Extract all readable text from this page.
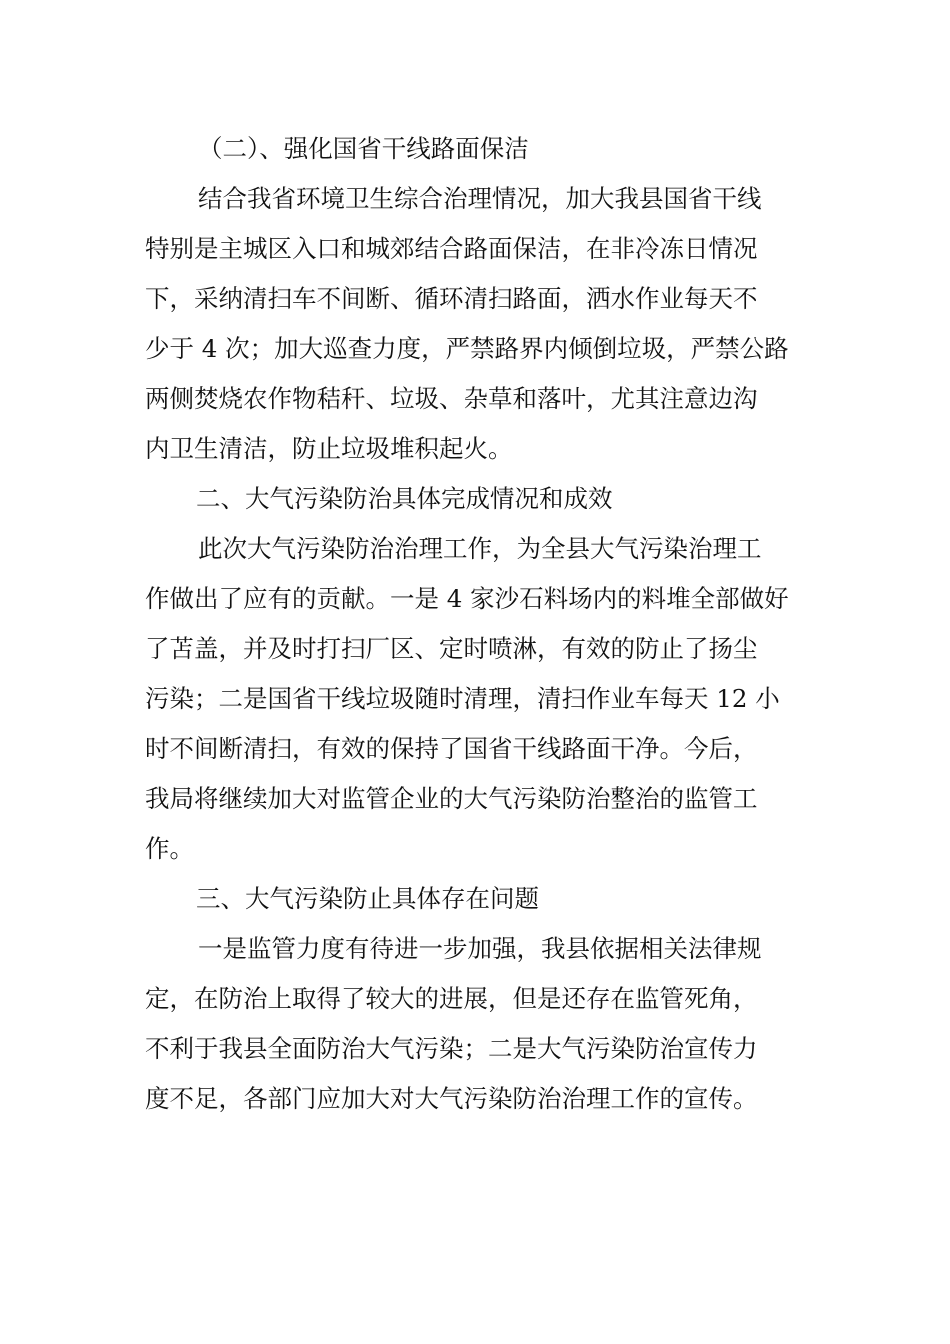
（二）、强化国省干线路面保洁
结合我省环境卫生综合治理情况，加大我县国省干线
特别是主城区入口和城郊结合路面保洁，在非冷冻日情况
下，采纳清扫车不间断、循环清扫路面，洒水作业每天不
少于 4 次；加大巡查力度，严禁路界内倾倒垃圾，严禁公路
两侧焚烧农作物秸秆、垃圾、杂草和落叶，尤其注意边沟
内卫生清洁，防止垃圾堆积起火。
二、大气污染防治具体完成情况和成效
此次大气污染防治治理工作，为全县大气污染治理工
作做出了应有的贡献。一是 4 家沙石料场内的料堆全部做好
了苫盖，并及时打扫厂区、定时喷淋，有效的防止了扬尘
污染；二是国省干线垃圾随时清理，清扫作业车每天 12 小
时不间断清扫，有效的保持了国省干线路面干净。今后，
我局将继续加大对监管企业的大气污染防治整治的监管工
作。
三、大气污染防止具体存在问题
一是监管力度有待进一步加强，我县依据相关法律规
定，在防治上取得了较大的进展，但是还存在监管死角，
不利于我县全面防治大气污染；二是大气污染防治宣传力
度不足，各部门应加大对大气污染防治治理工作的宣传。
